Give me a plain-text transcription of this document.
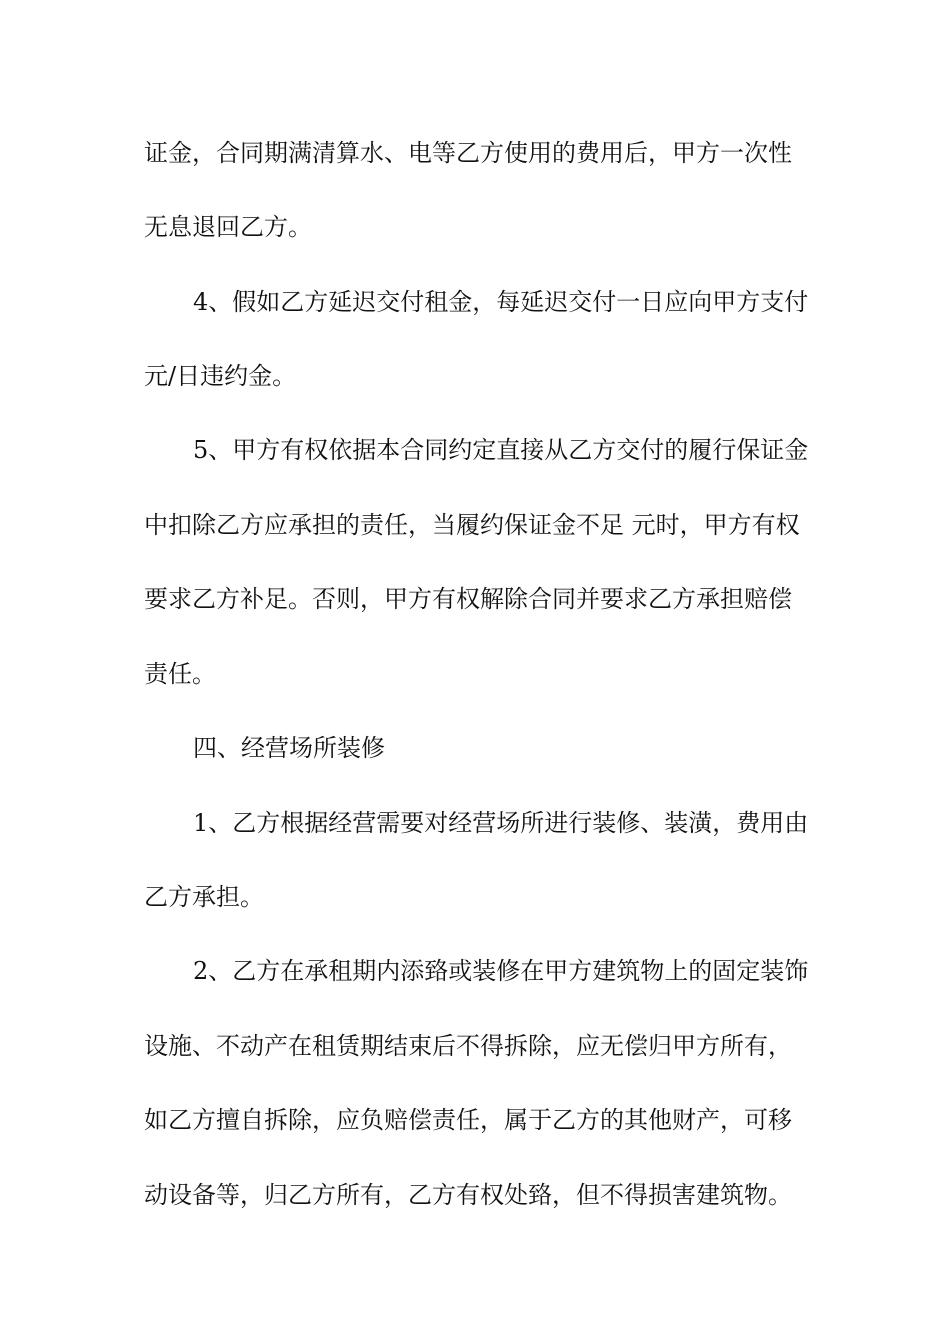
证金，合同期满清算水、电等乙方使用的费用后，甲方一次性

无息退回乙方。

4、假如乙方延迟交付租金，每延迟交付一日应向甲方支付

元/日违约金。

5、甲方有权依据本合同约定直接从乙方交付的履行保证金

中扣除乙方应承担的责任，当履约保证金不足 元时，甲方有权

要求乙方补足。否则，甲方有权解除合同并要求乙方承担赔偿

责任。

四、经营场所装修

1、乙方根据经营需要对经营场所进行装修、装潢，费用由

乙方承担。

2、乙方在承租期内添臵或装修在甲方建筑物上的固定装饰

设施、不动产在租赁期结束后不得拆除，应无偿归甲方所有，

如乙方擅自拆除，应负赔偿责任，属于乙方的其他财产，可移

动设备等，归乙方所有，乙方有权处臵，但不得损害建筑物。
